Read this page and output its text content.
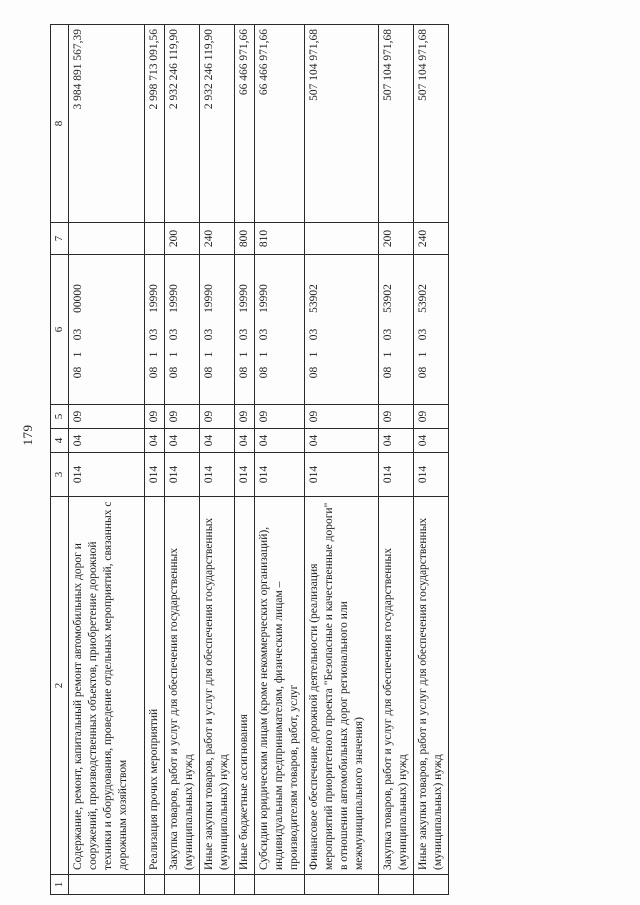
179
1	2	3	4	5	6	7	8
	Содержание, ремонт, капитальный ремонт автомобильных дорог и сооружений, производственных объектов, приобретение дорожной техники и оборудования, проведение отдельных мероприятий, связанных с дорожным хозяйством	014	04	09	0810300000		3 984 891 567,39
	Реализация прочих мероприятий	014	04	09	0810319990		2 998 713 091,56
	Закупка товаров, работ и услуг для обеспечения государственных (муниципальных) нужд	014	04	09	0810319990	200	2 932 246 119,90
	Иные закупки товаров, работ и услуг для обеспечения государственных (муниципальных) нужд	014	04	09	0810319990	240	2 932 246 119,90
	Иные бюджетные ассигнования	014	04	09	0810319990	800	66 466 971,66
	Субсидии юридическим лицам (кроме некоммерческих организаций), индивидуальным предпринимателям, физическим лицам – производителям товаров, работ, услуг	014	04	09	0810319990	810	66 466 971,66
	Финансовое обеспечение дорожной деятельности (реализация мероприятий приоритетного проекта "Безопасные и качественные дороги" в отношении автомобильных дорог регионального или межмуниципального значения)	014	04	09	0810353902		507 104 971,68
	Закупка товаров, работ и услуг для обеспечения государственных (муниципальных) нужд	014	04	09	0810353902	200	507 104 971,68
	Иные закупки товаров, работ и услуг для обеспечения государственных (муниципальных) нужд	014	04	09	0810353902	240	507 104 971,68
